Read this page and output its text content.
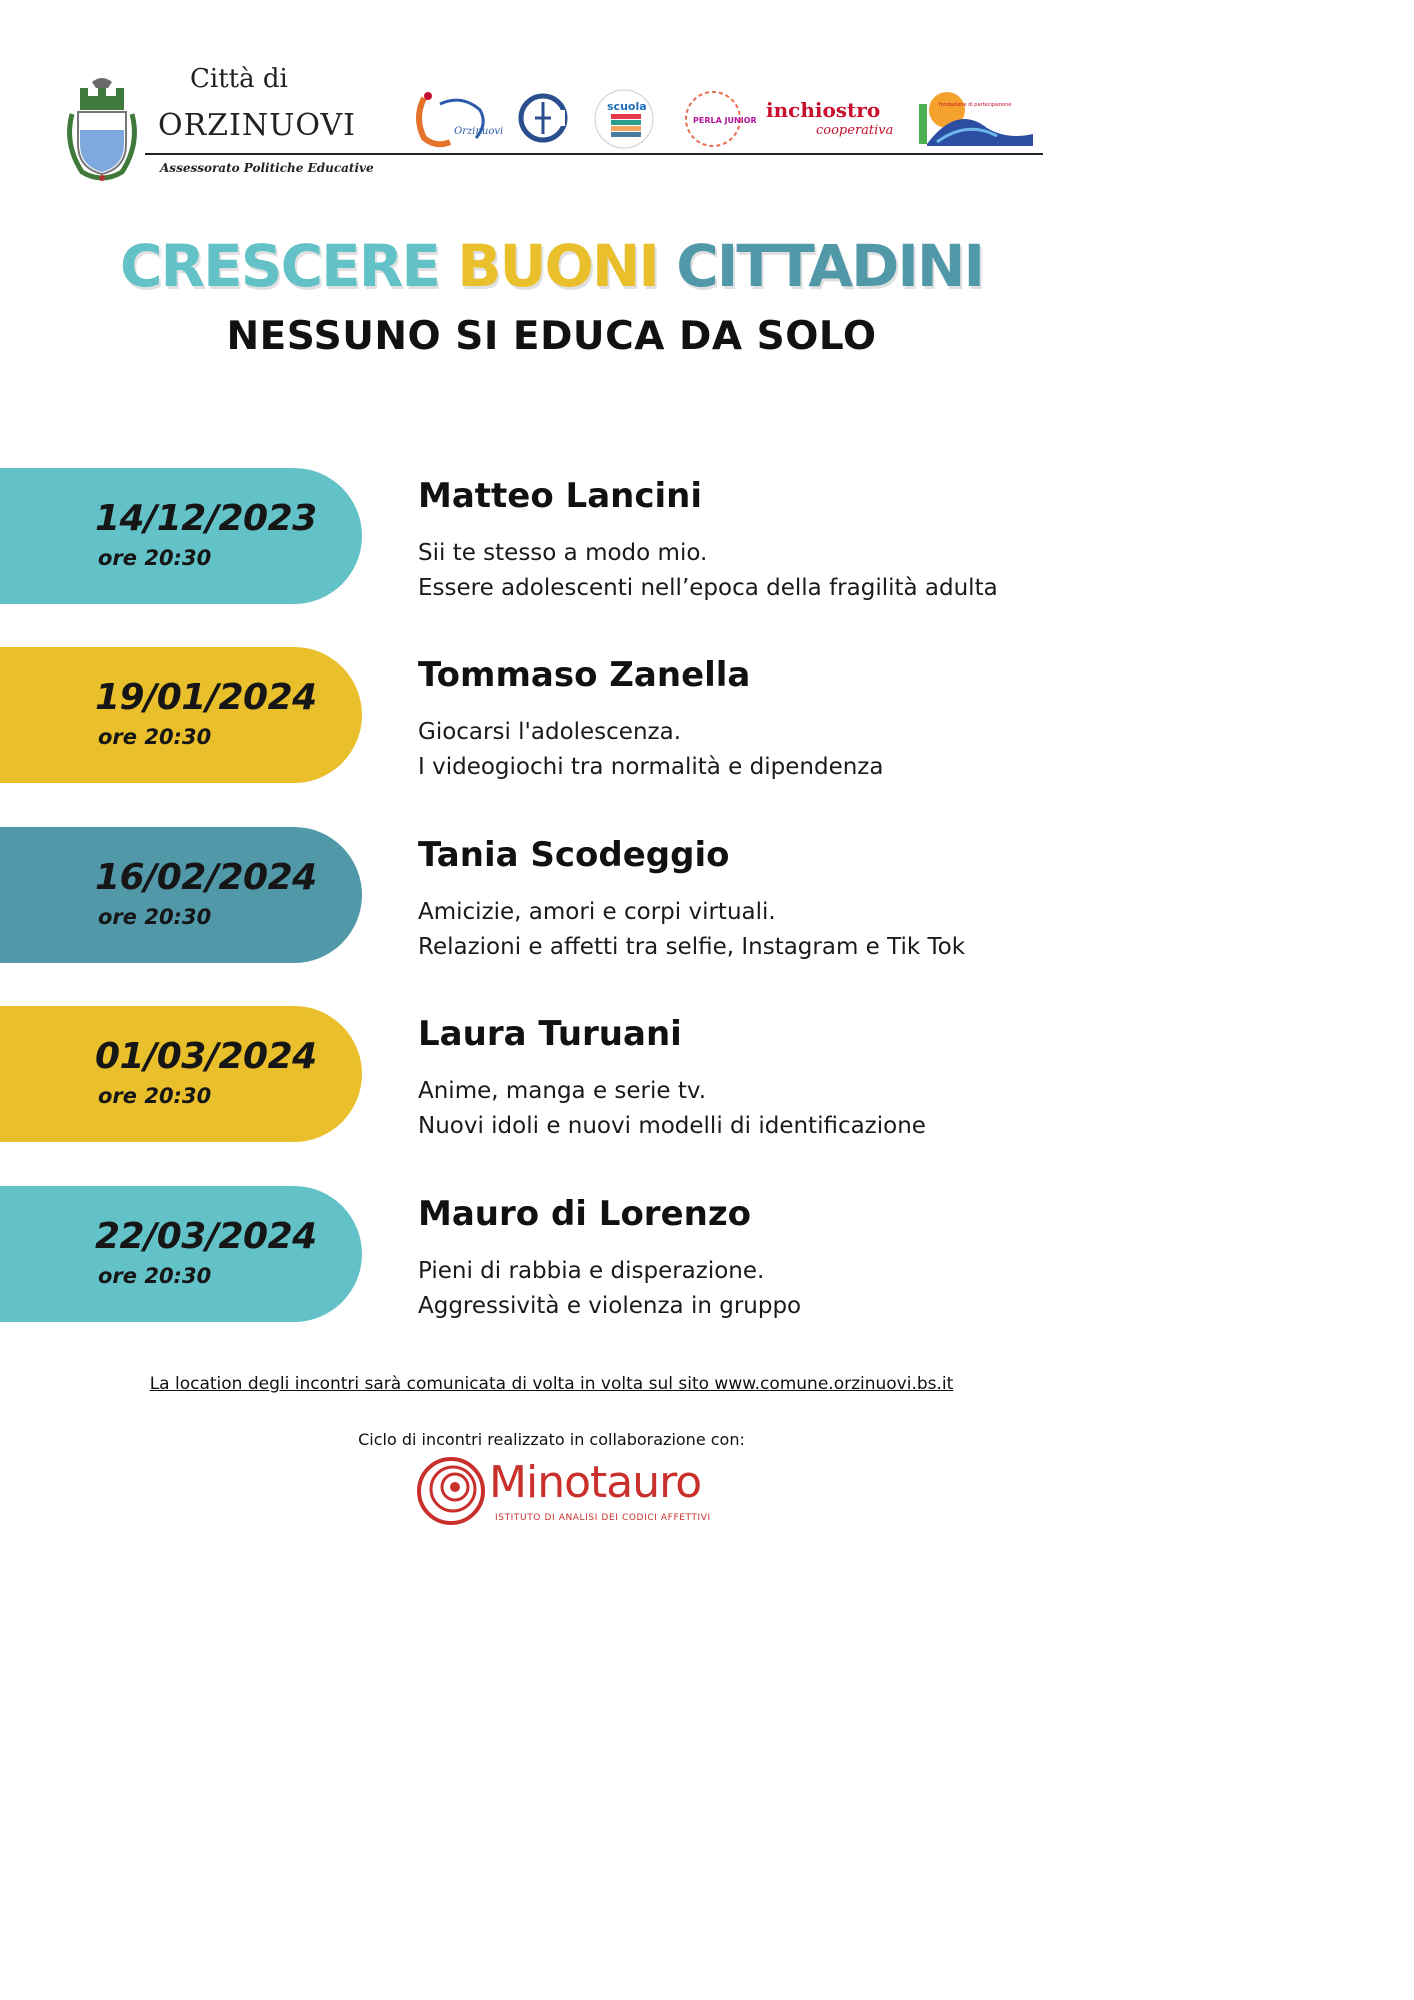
Città di
ORZINUOVI
Assessorato Politiche Educative
Orzinuovi
scuola
PERLA JUNIOR inchiostro
cooperativa
fondazione di partecipazione
CRESCERE BUONI CITTADINI
NESSUNO SI EDUCA DA SOLO
14/12/2023
ore 20:30
Matteo Lancini
Sii te stesso a modo mio.
Essere adolescenti nell’epoca della fragilità adulta
19/01/2024
ore 20:30
Tommaso Zanella
Giocarsi l'adolescenza.
I videogiochi tra normalità e dipendenza
16/02/2024
ore 20:30
Tania Scodeggio
Amicizie, amori e corpi virtuali.
Relazioni e affetti tra selfie, Instagram e Tik Tok
01/03/2024
ore 20:30
Laura Turuani
Anime, manga e serie tv.
Nuovi idoli e nuovi modelli di identificazione
22/03/2024
ore 20:30
Mauro di Lorenzo
Pieni di rabbia e disperazione.
Aggressività e violenza in gruppo
La location degli incontri sarà comunicata di volta in volta sul sito www.comune.orzinuovi.bs.it
Ciclo di incontri realizzato in collaborazione con:
Minotauro
ISTITUTO DI ANALISI DEI CODICI AFFETTIVI
